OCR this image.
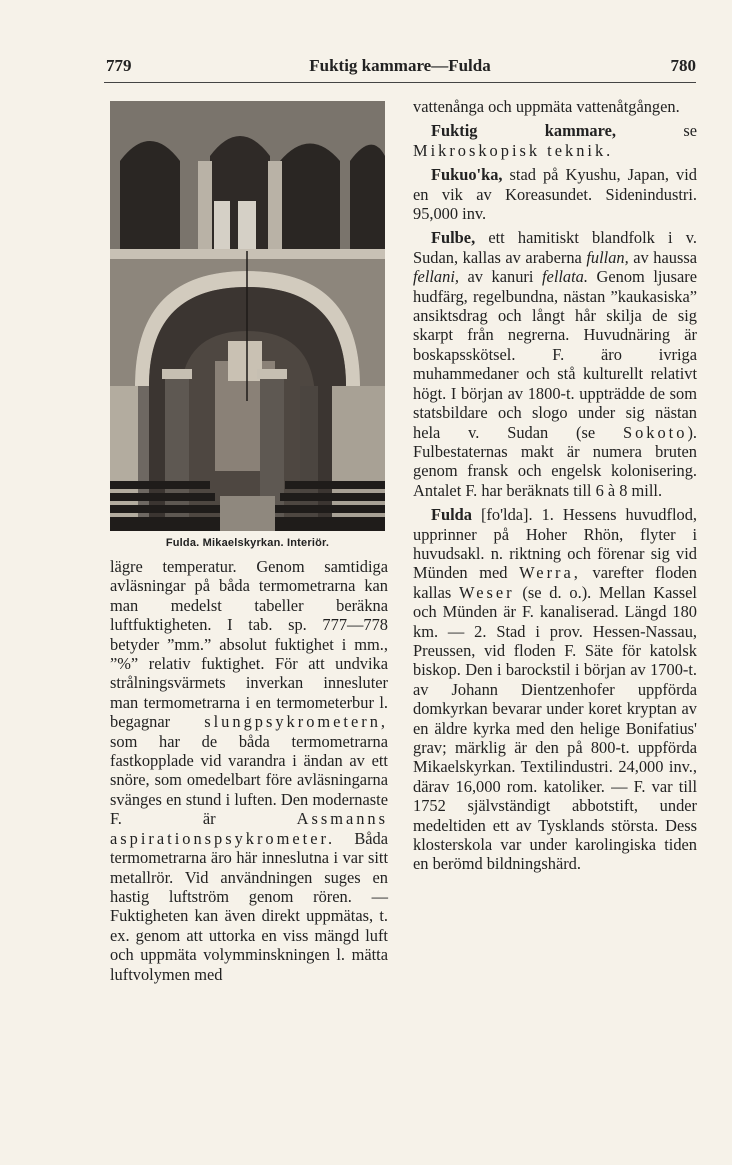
779	Fuktig kammare—Fulda	780
Fulda. Mikaelskyrkan. Interiör.

lägre temperatur. Genom samtidiga avläsningar på båda termometrarna kan man medelst tabeller beräkna luftfuktigheten. I tab. sp. 777—778 betyder ”mm.” absolut fuktighet i mm., ”%” relativ fuktighet. För att undvika strålningsvärmets inverkan innesluter man termometrarna i en termometerbur l. begagnar slungpsykrometern, som har de båda termometrarna fastkopplade vid varandra i ändan av ett snöre, som omedelbart före avläsningarna svänges en stund i luften. Den modernaste F. är Assmanns aspirationspsykrometer. Båda termometrarna äro här inneslutna i var sitt metallrör. Vid användningen suges en hastig luftström genom rören. — Fuktigheten kan även direkt uppmätas, t. ex. genom att uttorka en viss mängd luft och uppmäta volymminskningen l. mätta luftvolymen med

vattenånga och uppmäta vattenåtgången.

Fuktig kammare, se Mikroskopisk teknik.

Fukuo'ka, stad på Kyushu, Japan, vid en vik av Koreasundet. Sidenindustri. 95,000 inv.

Fulbe, ett hamitiskt blandfolk i v. Sudan, kallas av araberna fullan, av haussa fellani, av kanuri fellata. Genom ljusare hudfärg, regelbundna, nästan ”kaukasiska” ansiktsdrag och långt hår skilja de sig skarpt från negrerna. Huvudnäring är boskapsskötsel. F. äro ivriga muhammedaner och stå kulturellt relativt högt. I början av 1800-t. uppträdde de som statsbildare och slogo under sig nästan hela v. Sudan (se Sokoto). Fulbestaternas makt är numera bruten genom fransk och engelsk kolonisering. Antalet F. har beräknats till 6 à 8 mill.

Fulda [fo'lda]. 1. Hessens huvudflod, upprinner på Hoher Rhön, flyter i huvudsakl. n. riktning och förenar sig vid Münden med Werra, varefter floden kallas Weser (se d. o.). Mellan Kassel och Münden är F. kanaliserad. Längd 180 km. — 2. Stad i prov. Hessen-Nassau, Preussen, vid floden F. Säte för katolsk biskop. Den i barockstil i början av 1700-t. av Johann Dientzenhofer uppförda domkyrkan bevarar under koret kryptan av en äldre kyrka med den helige Bonifatius' grav; märklig är den på 800-t. uppförda Mikaelskyrkan. Textilindustri. 24,000 inv., därav 16,000 rom. katoliker. — F. var till 1752 självständigt abbotstift, under medeltiden ett av Tysklands största. Dess klosterskola var under karolingiska tiden en berömd bildningshärd.
